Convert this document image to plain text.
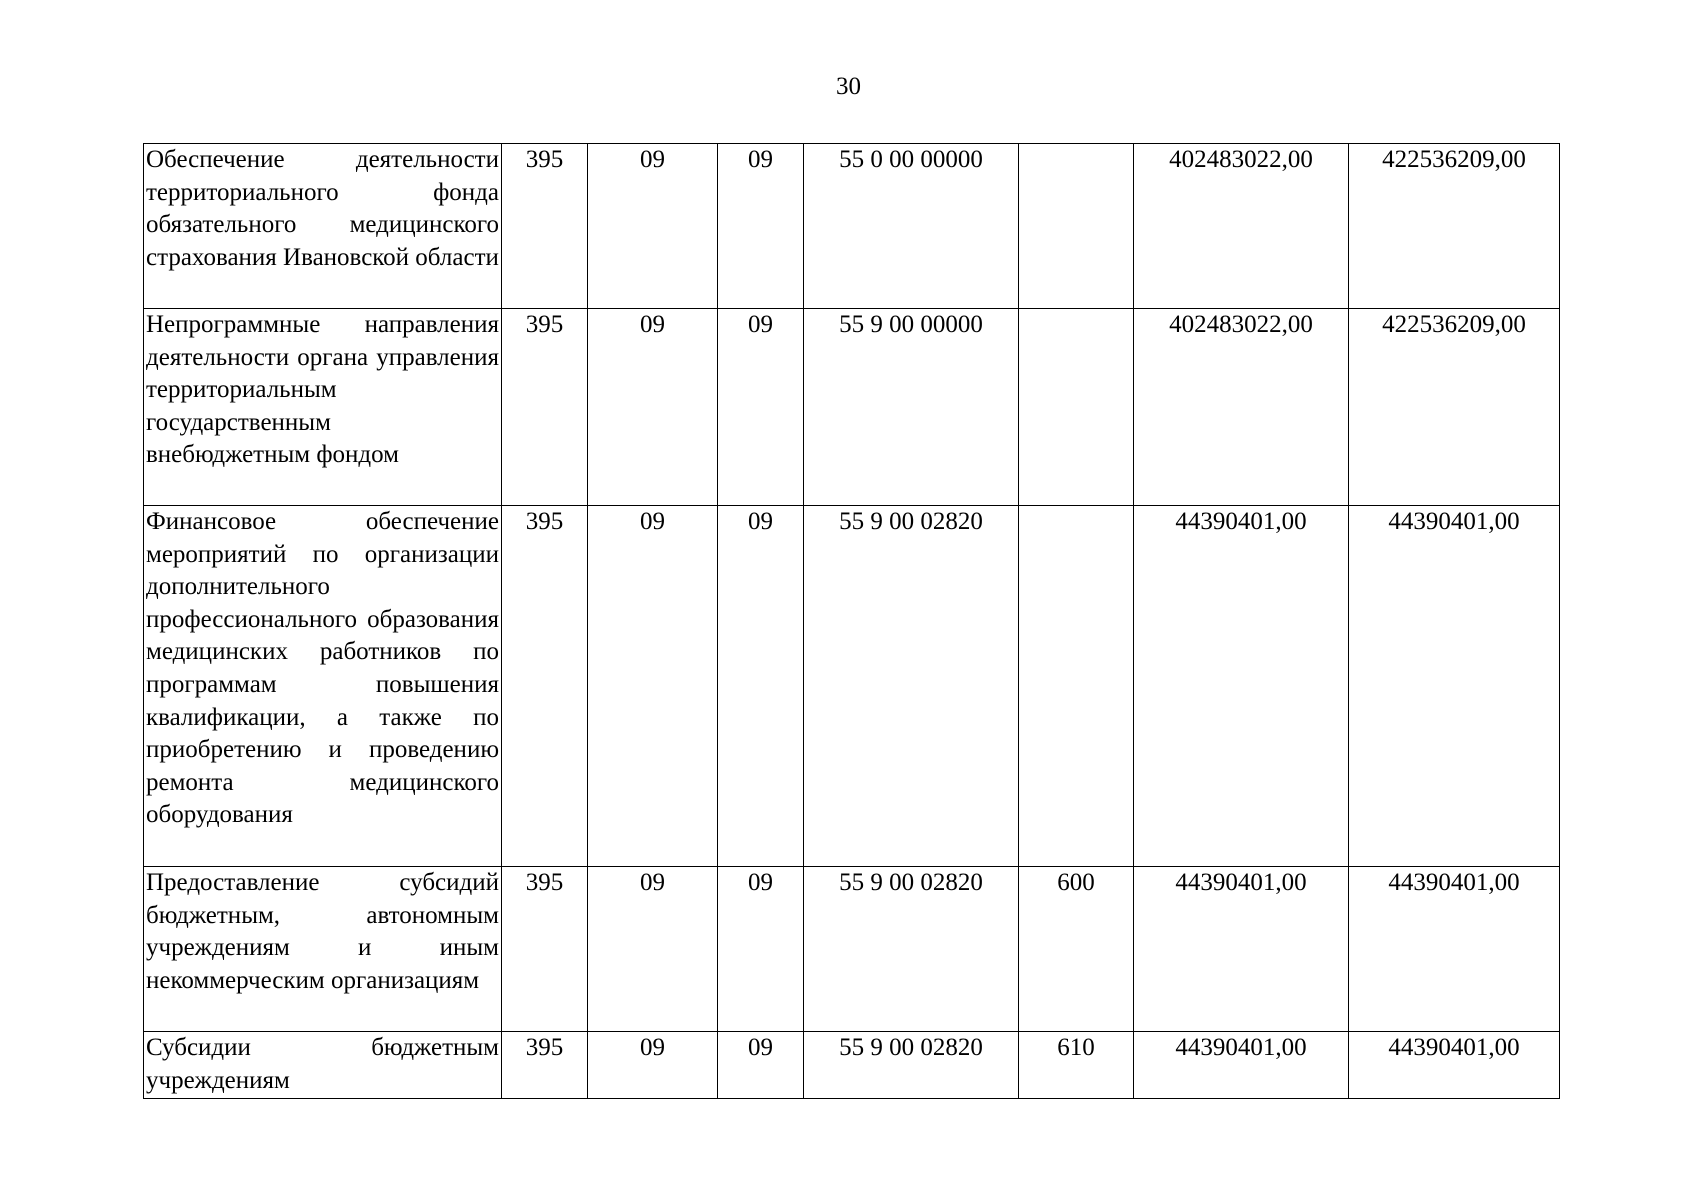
30
Обеспечение деятельности территориального фонда обязательного медицинского страхования Ивановской области	395	09	09	55 0 00 00000		402483022,00	422536209,00
Непрограммные направления деятельности органа управления территориальным государственным внебюджетным фондом	395	09	09	55 9 00 00000		402483022,00	422536209,00
Финансовое обеспечение мероприятий по организации дополнительного профессионального образования медицинских работников по программам повышения квалификации, а также по приобретению и проведению ремонта медицинского оборудования	395	09	09	55 9 00 02820		44390401,00	44390401,00
Предоставление субсидий бюджетным, автономным учреждениям и иным некоммерческим организациям	395	09	09	55 9 00 02820	600	44390401,00	44390401,00
Субсидии бюджетным учреждениям	395	09	09	55 9 00 02820	610	44390401,00	44390401,00
